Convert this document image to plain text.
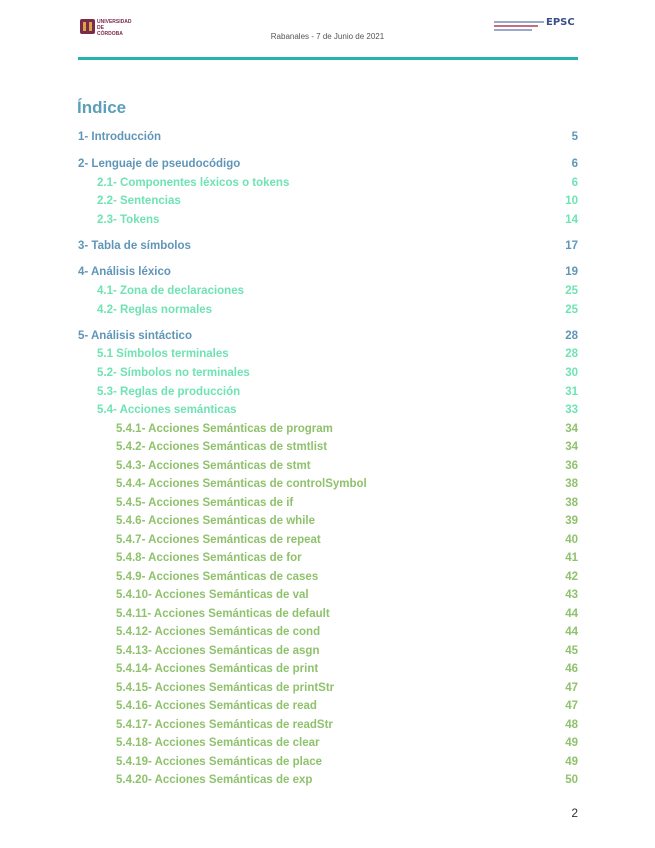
UNIVERSIDAD DE CÓRDOBA	Rabanales - 7 de Junio de 2021
EPSC
Índice
1- Introducción	5
2- Lenguaje de pseudocódigo	6
2.1- Componentes léxicos o tokens	6
2.2- Sentencias	10
2.3- Tokens	14
3- Tabla de símbolos	17
4- Análisis léxico	19
4.1- Zona de declaraciones	25
4.2- Reglas normales	25
5- Análisis sintáctico	28
5.1 Símbolos terminales	28
5.2- Símbolos no terminales	30
5.3- Reglas de producción	31
5.4- Acciones semánticas	33
5.4.1- Acciones Semánticas de program	34
5.4.2- Acciones Semánticas de stmtlist	34
5.4.3- Acciones Semánticas de stmt	36
5.4.4- Acciones Semánticas de controlSymbol	38
5.4.5- Acciones Semánticas de if	38
5.4.6- Acciones Semánticas de while	39
5.4.7- Acciones Semánticas de repeat	40
5.4.8- Acciones Semánticas de for	41
5.4.9- Acciones Semánticas de cases	42
5.4.10- Acciones Semánticas de val	43
5.4.11- Acciones Semánticas de default	44
5.4.12- Acciones Semánticas de cond	44
5.4.13- Acciones Semánticas de asgn	45
5.4.14- Acciones Semánticas de print	46
5.4.15- Acciones Semánticas de printStr	47
5.4.16- Acciones Semánticas de read	47
5.4.17- Acciones Semánticas de readStr	48
5.4.18- Acciones Semánticas de clear	49
5.4.19- Acciones Semánticas de place	49
5.4.20- Acciones Semánticas de exp	50
2
